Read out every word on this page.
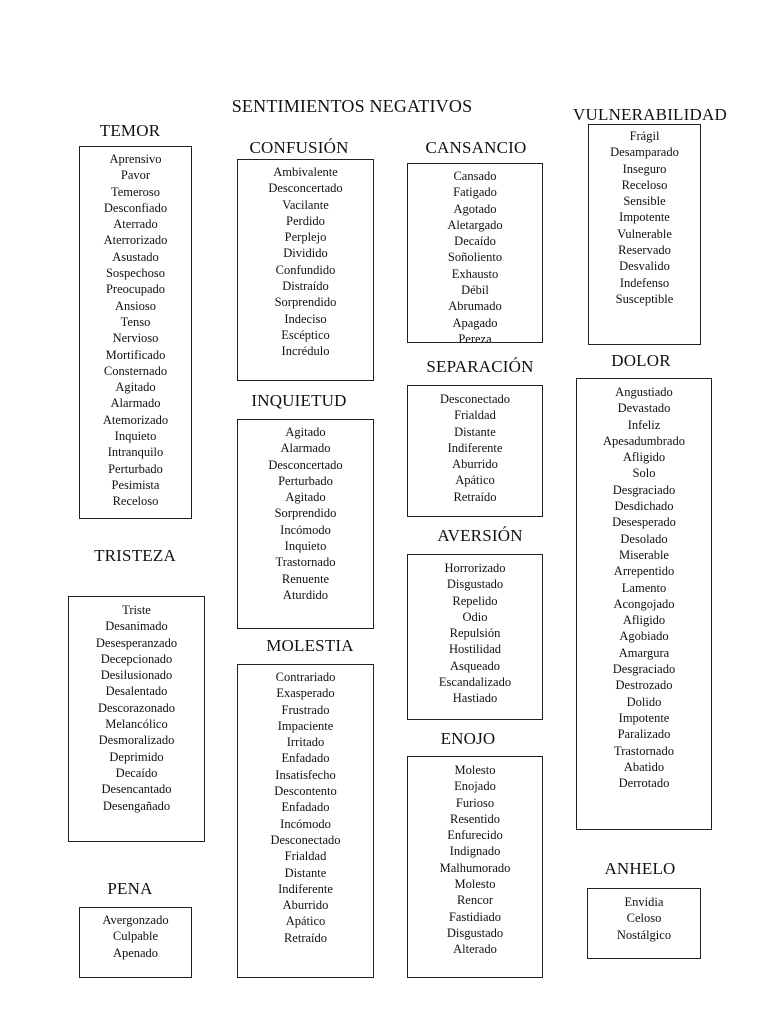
SENTIMIENTOS NEGATIVOS
TEMOR
Aprensivo
Pavor
Temeroso
Desconfiado
Aterrado
Aterrorizado
Asustado
Sospechoso
Preocupado
Ansioso
Tenso
Nervioso
Mortificado
Consternado
Agitado
Alarmado
Atemorizado
Inquieto
Intranquilo
Perturbado
Pesimista
Receloso
CONFUSIÓN
Ambivalente
Desconcertado
Vacilante
Perdido
Perplejo
Dividido
Confundido
Distraído
Sorprendido
Indeciso
Escéptico
Incrédulo
CANSANCIO
Cansado
Fatigado
Agotado
Aletargado
Decaído
Soñoliento
Exhausto
Débil
Abrumado
Apagado
Pereza
VULNERABILIDAD
Frágil
Desamparado
Inseguro
Receloso
Sensible
Impotente
Vulnerable
Reservado
Desvalido
Indefenso
Susceptible
SEPARACIÓN
Desconectado
Frialdad
Distante
Indiferente
Aburrido
Apático
Retraído
DOLOR
Angustiado
Devastado
Infeliz
Apesadumbrado
Afligido
Solo
Desgraciado
Desdichado
Desesperado
Desolado
Miserable
Arrepentido
Lamento
Acongojado
Afligido
Agobiado
Amargura
Desgraciado
Destrozado
Dolido
Impotente
Paralizado
Trastornado
Abatido
Derrotado
INQUIETUD
Agitado
Alarmado
Desconcertado
Perturbado
Agitado
Sorprendido
Incómodo
Inquieto
Trastornado
Renuente
Aturdido
AVERSIÓN
Horrorizado
Disgustado
Repelido
Odio
Repulsión
Hostilidad
Asqueado
Escandalizado
Hastiado
TRISTEZA
Triste
Desanimado
Desesperanzado
Decepcionado
Desilusionado
Desalentado
Descorazonado
Melancólico
Desmoralizado
Deprimido
Decaído
Desencantado
Desengañado
MOLESTIA
Contrariado
Exasperado
Frustrado
Impaciente
Irritado
Enfadado
Insatisfecho
Descontento
Enfadado
Incómodo
Desconectado
Frialdad
Distante
Indiferente
Aburrido
Apático
Retraído
ENOJO
Molesto
Enojado
Furioso
Resentido
Enfurecido
Indignado
Malhumorado
Molesto
Rencor
Fastidiado
Disgustado
Alterado
PENA
Avergonzado
Culpable
Apenado
ANHELO
Envidia
Celoso
Nostálgico
